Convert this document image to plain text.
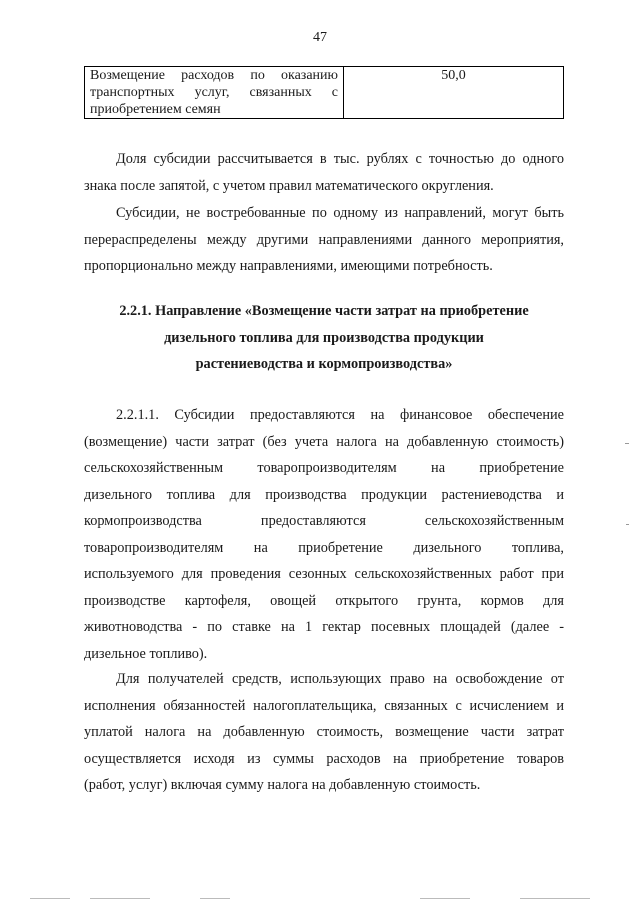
47
Возмещение расходов по оказанию
транспортных услуг, связанных с
приобретением семян
	50,0
Доля субсидии рассчитывается в тыс. рублях с точностью до одного
знака после запятой, с учетом правил математического округления.
Субсидии, не востребованные по одному из направлений, могут быть
перераспределены между другими направлениями данного мероприятия,
пропорционально между направлениями, имеющими потребность.
2.2.1. Направление «Возмещение части затрат на приобретение
дизельного топлива для производства продукции
растениеводства и кормопроизводства»
2.2.1.1. Субсидии предоставляются на финансовое обеспечение
(возмещение) части затрат (без учета налога на добавленную стоимость)
сельскохозяйственным товаропроизводителям на приобретение
дизельного топлива для производства продукции растениеводства и
кормопроизводства предоставляются сельскохозяйственным
товаропроизводителям на приобретение дизельного топлива,
используемого для проведения сезонных сельскохозяйственных работ при
производстве картофеля, овощей открытого грунта, кормов для
животноводства - по ставке на 1 гектар посевных площадей (далее -
дизельное топливо).
Для получателей средств, использующих право на освобождение от
исполнения обязанностей налогоплательщика, связанных с исчислением и
уплатой налога на добавленную стоимость, возмещение части затрат
осуществляется исходя из суммы расходов на приобретение товаров
(работ, услуг) включая сумму налога на добавленную стоимость.
